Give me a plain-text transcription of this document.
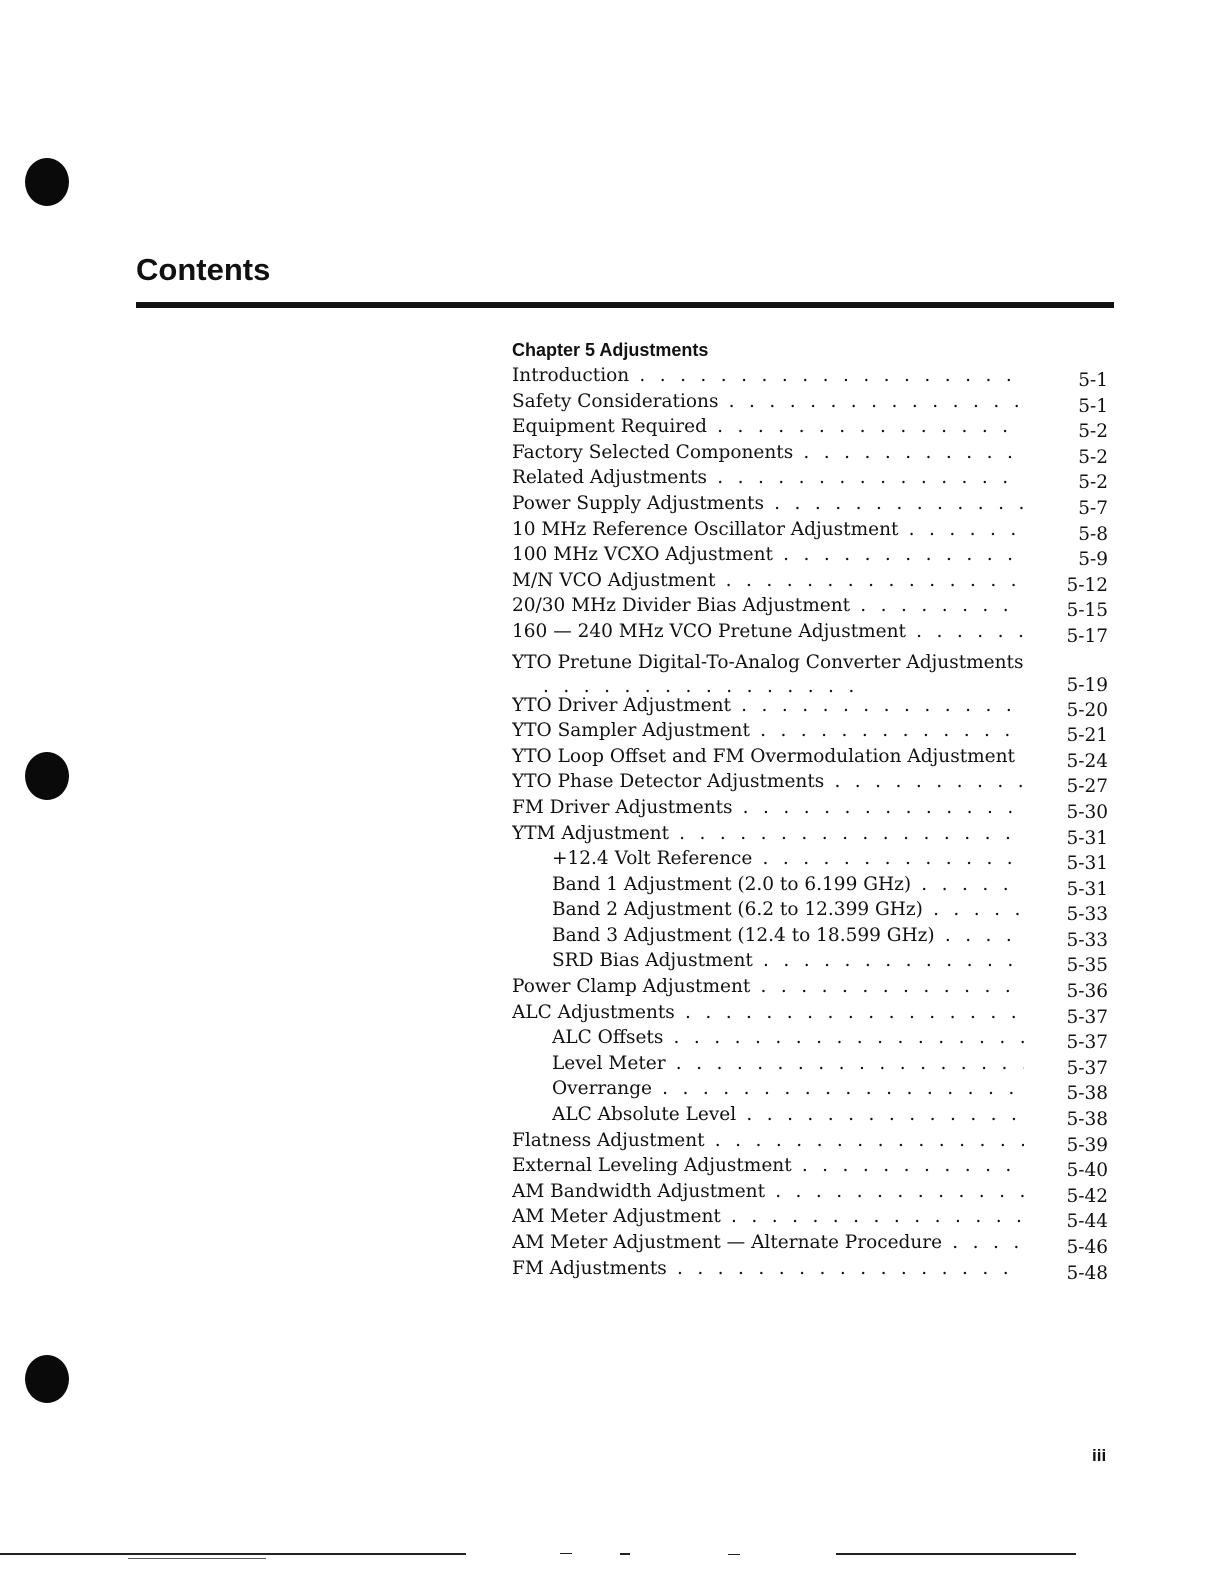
Contents
Chapter 5 Adjustments
Introduction . . .	5-1
Safety Considerations . . .	5-1
Equipment Required . . .	5-2
Factory Selected Components . . .	5-2
Related Adjustments . . .	5-2
Power Supply Adjustments . . .	5-7
10 MHz Reference Oscillator Adjustment . . .	5-8
100 MHz VCXO Adjustment . . .	5-9
M/N VCO Adjustment . . .	5-12
20/30 MHz Divider Bias Adjustment . . .	5-15
160 — 240 MHz VCO Pretune Adjustment . . .	5-17
YTO Pretune Digital-To-Analog Converter Adjustments . . . . . . . . . . . . . . . .	5-19
YTO Driver Adjustment . . .	5-20
YTO Sampler Adjustment . . .	5-21
YTO Loop Offset and FM Overmodulation Adjustment	5-24
YTO Phase Detector Adjustments . . .	5-27
FM Driver Adjustments . . .	5-30
YTM Adjustment . . .	5-31
+12.4 Volt Reference . . .	5-31
Band 1 Adjustment (2.0 to 6.199 GHz) . . .	5-31
Band 2 Adjustment (6.2 to 12.399 GHz) . . .	5-33
Band 3 Adjustment (12.4 to 18.599 GHz) . . .	5-33
SRD Bias Adjustment . . .	5-35
Power Clamp Adjustment . . .	5-36
ALC Adjustments . . .	5-37
ALC Offsets . . .	5-37
Level Meter . . .	5-37
Overrange . . .	5-38
ALC Absolute Level . . .	5-38
Flatness Adjustment . . .	5-39
External Leveling Adjustment . . .	5-40
AM Bandwidth Adjustment . . .	5-42
AM Meter Adjustment . . .	5-44
AM Meter Adjustment — Alternate Procedure . . .	5-46
FM Adjustments . . .	5-48

iii
